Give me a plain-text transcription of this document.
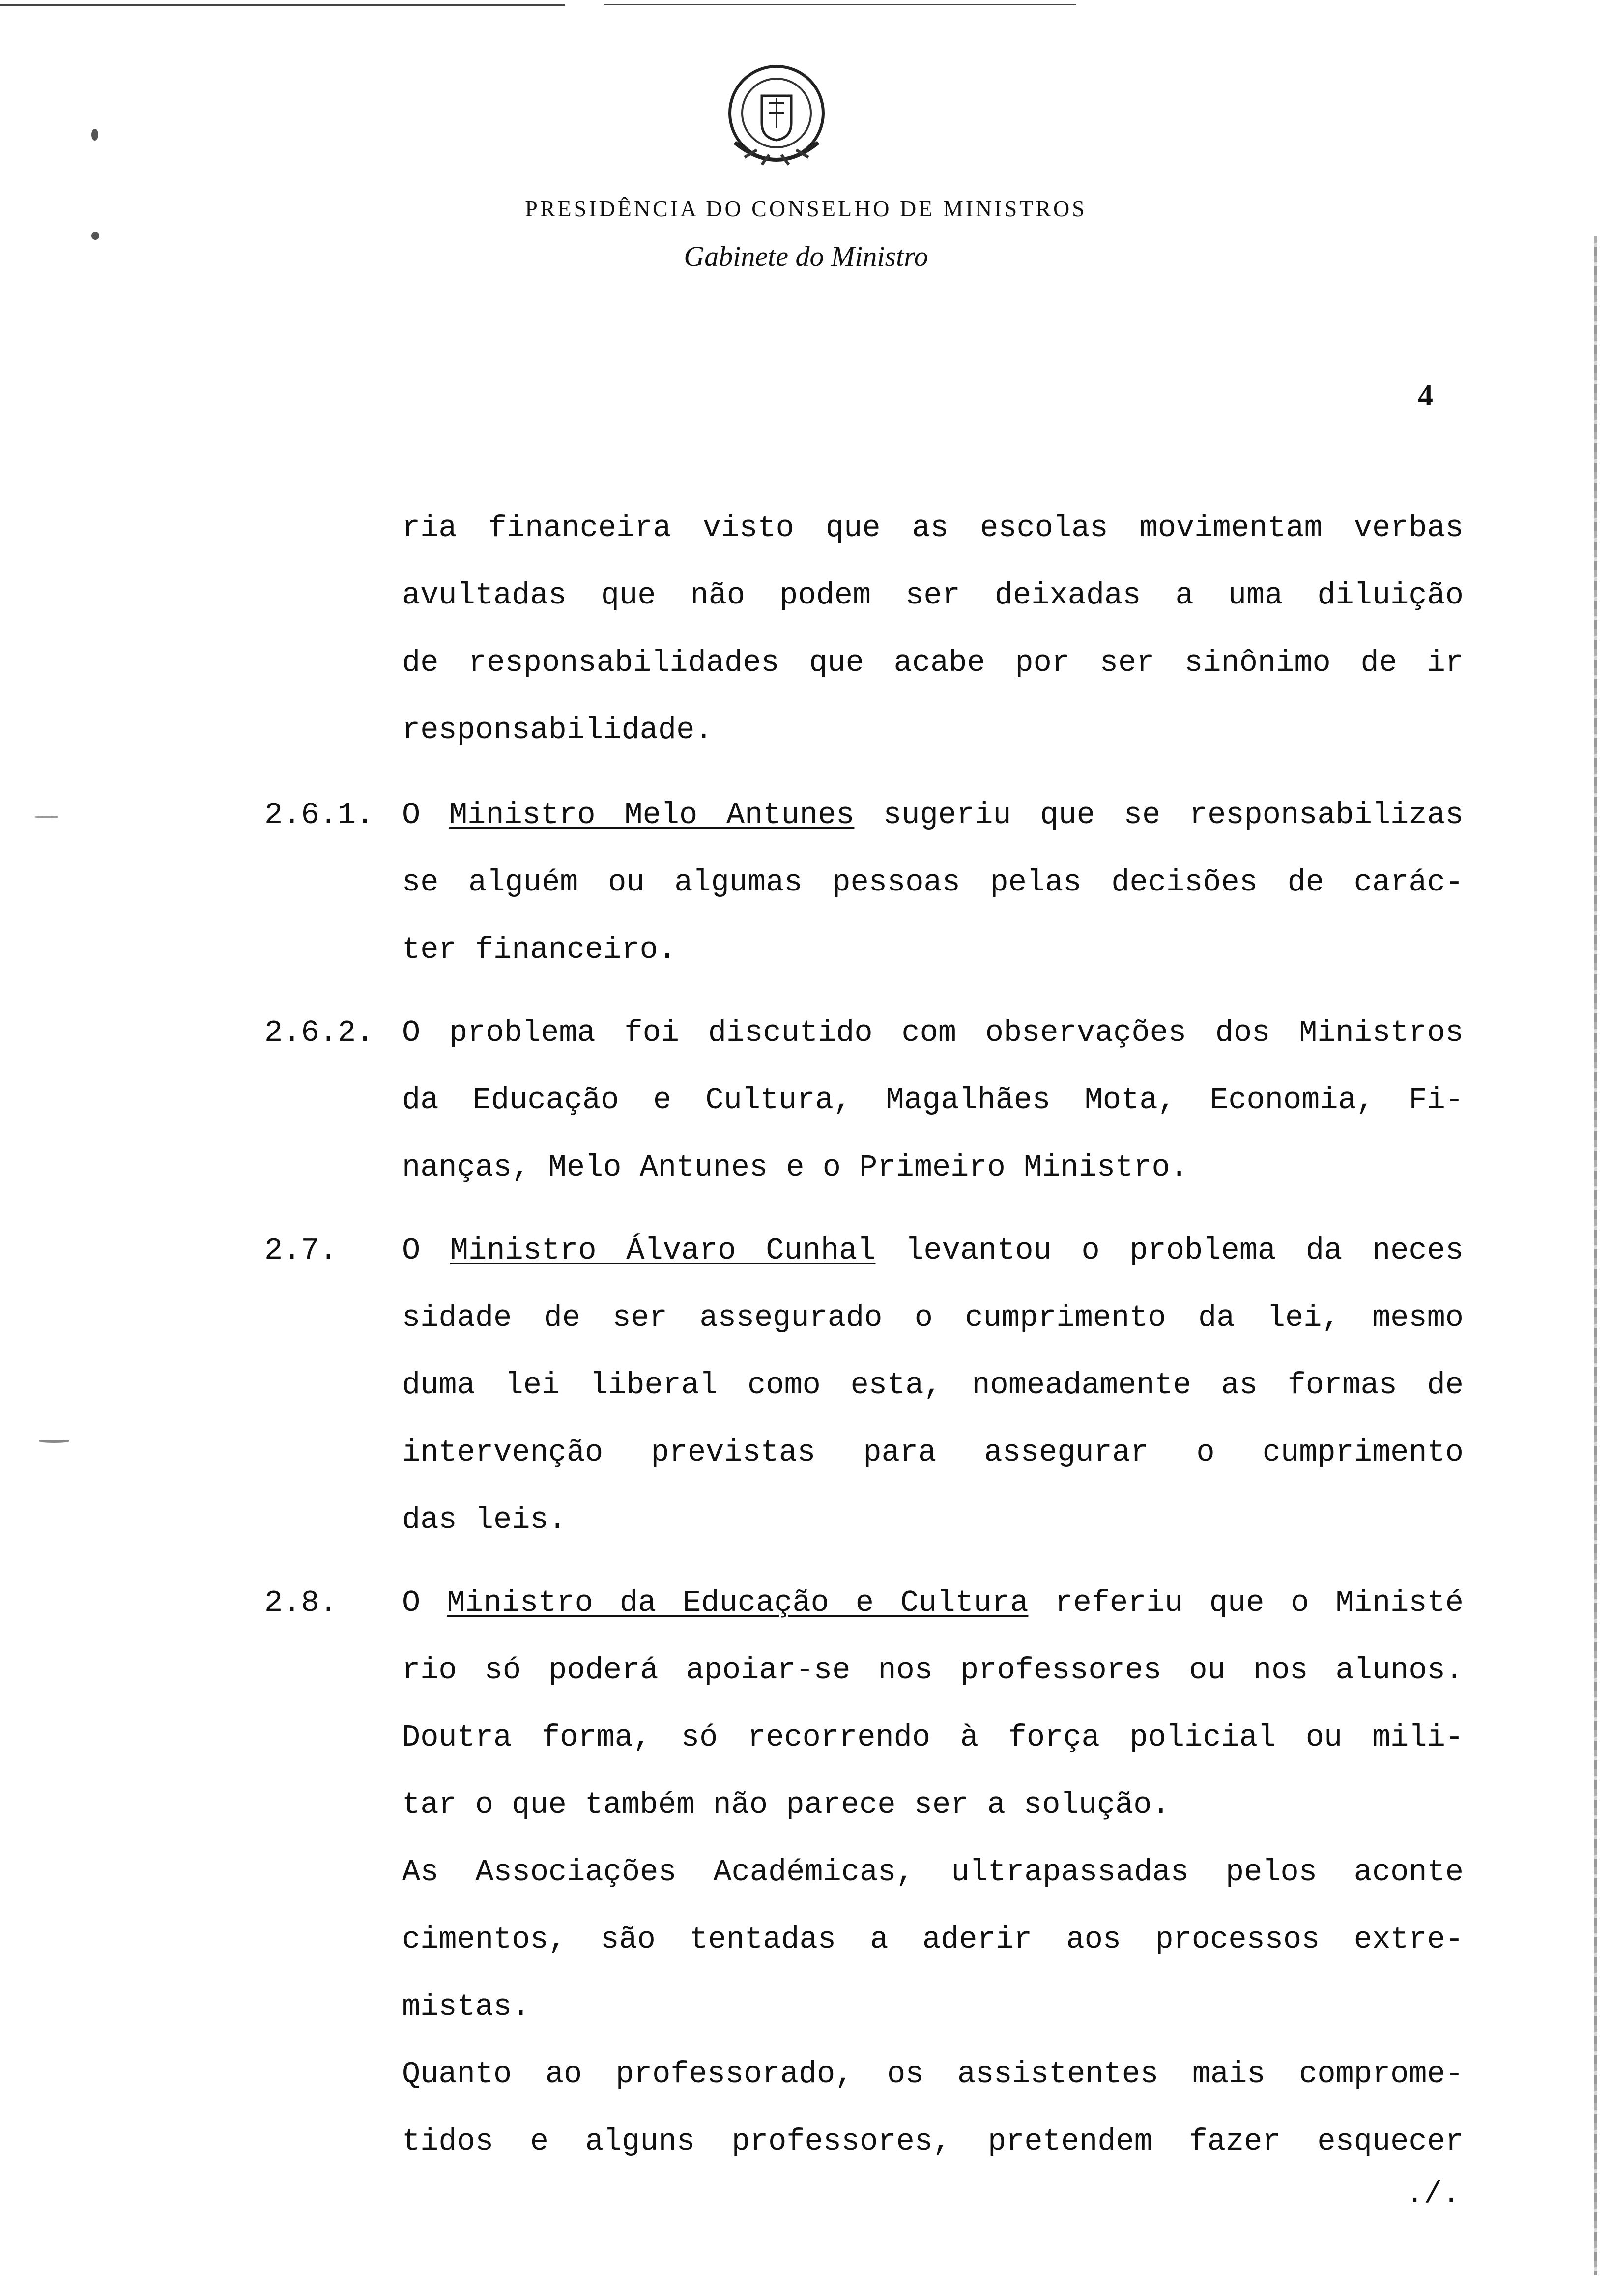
PRESIDÊNCIA DO CONSELHO DE MINISTROS
Gabinete do Ministro
4
ria financeira visto que as escolas movimentam verbas
avultadas que não podem ser deixadas a uma diluição
de responsabilidades que acabe por ser sinônimo de ir
responsabilidade.
2.6.1. O Ministro Melo Antunes sugeriu que se responsabilizas
se alguém ou algumas pessoas pelas decisões de carác-
ter financeiro.
2.6.2. O problema foi discutido com observações dos Ministros
da Educação e Cultura, Magalhães Mota, Economia, Fi-
nanças, Melo Antunes e o Primeiro Ministro.
2.7. O Ministro Álvaro Cunhal levantou o problema da neces
sidade de ser assegurado o cumprimento da lei, mesmo
duma lei liberal como esta, nomeadamente as formas de
intervenção previstas para assegurar o cumprimento
das leis.
2.8. O Ministro da Educação e Cultura referiu que o Ministé
rio só poderá apoiar-se nos professores ou nos alunos.
Doutra forma, só recorrendo à força policial ou mili-
tar o que também não parece ser a solução.
As Associações Académicas, ultrapassadas pelos aconte
cimentos, são tentadas a aderir aos processos extre-
mistas.
Quanto ao professorado, os assistentes mais comprome-
tidos e alguns professores, pretendem fazer esquecer
./.
